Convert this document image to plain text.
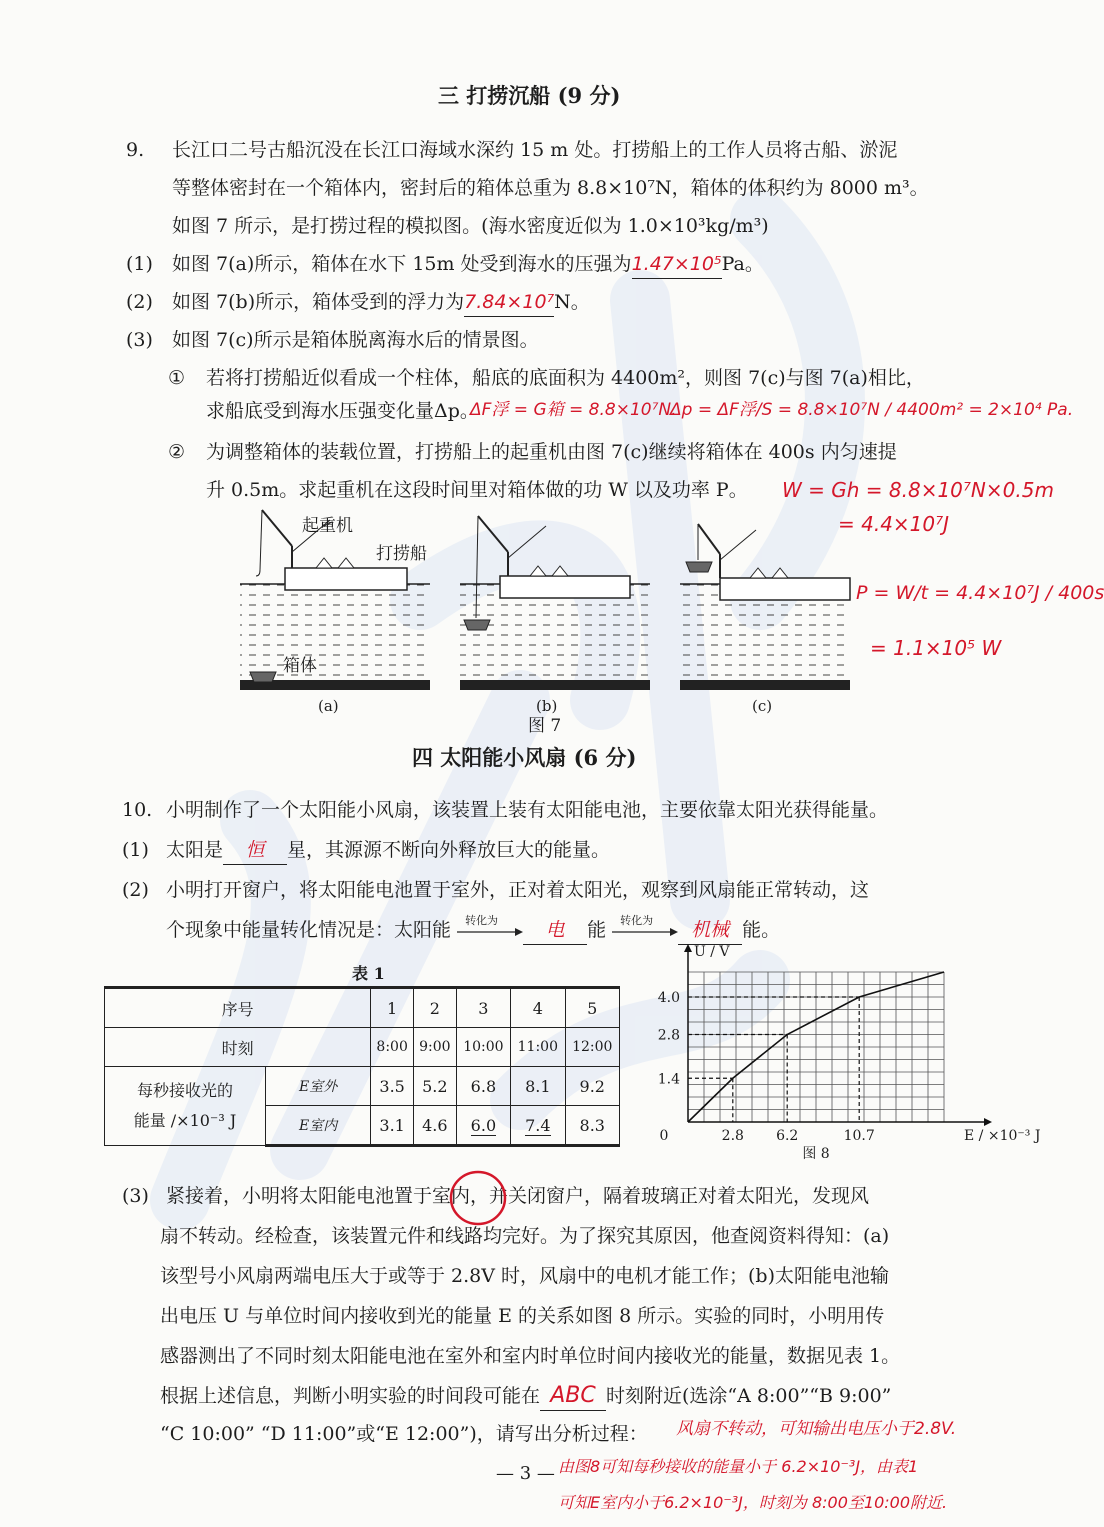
三 打捞沉船 (9 分)
9. 长江口二号古船沉没在长江口海域水深约 15 m 处。打捞船上的工作人员将古船、淤泥
等整体密封在一个箱体内，密封后的箱体总重为 8.8×10⁷N，箱体的体积约为 8000 m³。
如图 7 所示，是打捞过程的模拟图。(海水密度近似为 1.0×10³kg/m³)
(1) 如图 7(a)所示，箱体在水下 15m 处受到海水的压强为1.47×10⁵Pa。
(2) 如图 7(b)所示，箱体受到的浮力为7.84×10⁷N。
(3) 如图 7(c)所示是箱体脱离海水后的情景图。
① 若将打捞船近似看成一个柱体，船底的底面积为 4400m²，则图 7(c)与图 7(a)相比，
求船底受到海水压强变化量Δp。
② 为调整箱体的装载位置，打捞船上的起重机由图 7(c)继续将箱体在 400s 内匀速提
升 0.5m。求起重机在这段时间里对箱体做的功 W 以及功率 P。
ΔF浮 = G箱 = 8.8×10⁷N.
Δp = ΔF浮/S = 8.8×10⁷N / 4400m² = 2×10⁴ Pa.
W = Gh = 8.8×10⁷N×0.5m
= 4.4×10⁷J
P = W/t = 4.4×10⁷J / 400s
= 1.1×10⁵ W
起重机
打捞船
箱体
(a)	(b)	(c)
图 7
四 太阳能小风扇 (6 分)
10. 小明制作了一个太阳能小风扇，该装置上装有太阳能电池，主要依靠太阳光获得能量。
(1) 太阳是 恒 星，其源源不断向外释放巨大的能量。
(2) 小明打开窗户，将太阳能电池置于室外，正对着太阳光，观察到风扇能正常转动，这
个现象中能量转化情况是：太阳能 转化为 电 能 转化为 机械 能。
表 1
序号		1	2	3	4	5
时刻		8:00	9:00	10:00	11:00	12:00

每秒接收光的
能量 /×10⁻³ J	E室外	3.5	5.2	6.8	8.1	9.2
	E室内	3.1	4.6	6.0	7.4	8.3
2.8 6.2	10.7
1.4
2.8
4.0
0
U / V
E / ×10⁻³ J
图 8
(3) 紧接着，小明将太阳能电池置于室内，并关闭窗户，隔着玻璃正对着太阳光，发现风
扇不转动。经检查，该装置元件和线路均完好。为了探究其原因，他查阅资料得知：(a)
该型号小风扇两端电压大于或等于 2.8V 时，风扇中的电机才能工作；(b)太阳能电池输
出电压 U 与单位时间内接收到光的能量 E 的关系如图 8 所示。实验的同时，小明用传
感器测出了不同时刻太阳能电池在室外和室内时单位时间内接收光的能量，数据见表 1。
根据上述信息，判断小明实验的时间段可能在 ABC 时刻附近(选涂“A 8:00”“B 9:00”
“C 10:00” “D 11:00”或“E 12:00”)，请写出分析过程： 风扇不转动，可知输出电压小于2.8V.
由图8可知每秒接收的能量小于 6.2×10⁻³J，由表1
可知E室内小于6.2×10⁻³J，时刻为 8:00至10:00附近.
— 3 —
